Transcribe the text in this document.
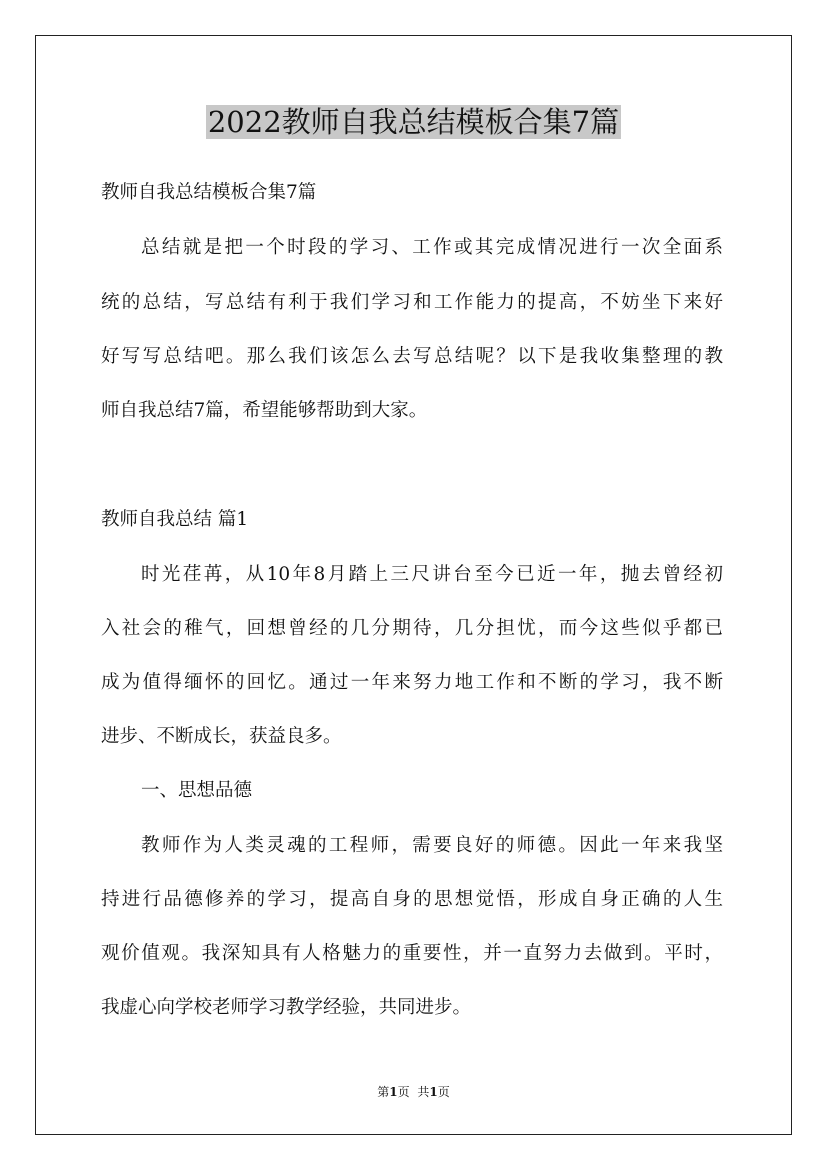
2022教师自我总结模板合集7篇
教师自我总结模板合集7篇
总结就是把一个时段的学习、工作或其完成情况进行一次全面系
统的总结，写总结有利于我们学习和工作能力的提高，不妨坐下来好
好写写总结吧。那么我们该怎么去写总结呢？以下是我收集整理的教
师自我总结7篇，希望能够帮助到大家。
教师自我总结 篇1
时光荏苒，从10年8月踏上三尺讲台至今已近一年，抛去曾经初
入社会的稚气，回想曾经的几分期待，几分担忧，而今这些似乎都已
成为值得缅怀的回忆。通过一年来努力地工作和不断的学习，我不断
进步、不断成长，获益良多。
一、思想品德
教师作为人类灵魂的工程师，需要良好的师德。因此一年来我坚
持进行品德修养的学习，提高自身的思想觉悟，形成自身正确的人生
观价值观。我深知具有人格魅力的重要性，并一直努力去做到。平时，
我虚心向学校老师学习教学经验，共同进步。
第1页 共1页
